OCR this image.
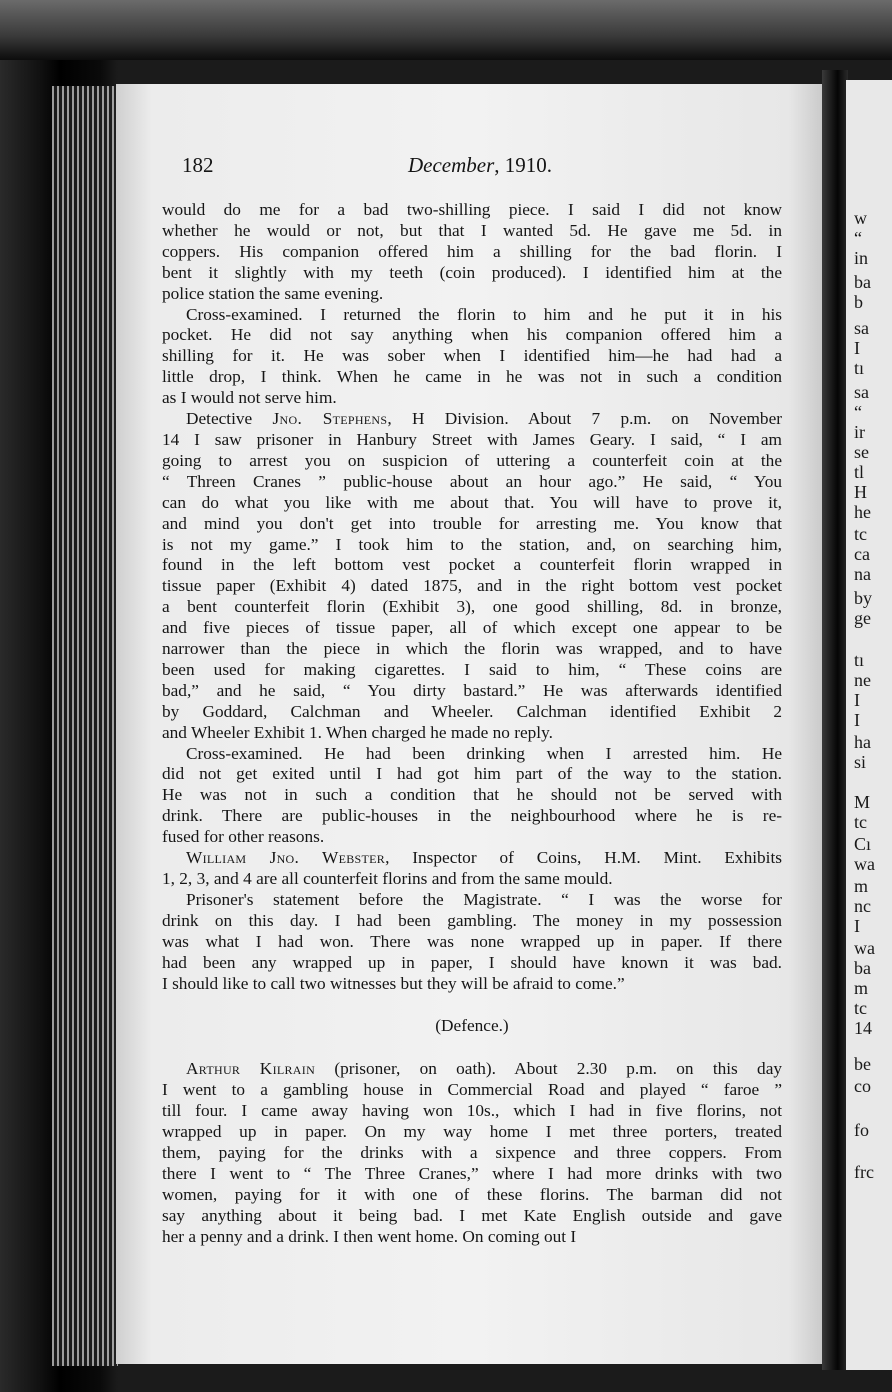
w
“
in
ba
b
sa
I
tı
sa
“
ir
se
tl
H
he
tc
ca
na
by
ge
tı
ne
I
I
ha
si
M
tc
Cı
wa
m
nc
I
wa
ba
m
tc
14
be
co
fo
frc
182	December, 1910.
would do me for a bad two-shilling piece. I said I did not know
whether he would or not, but that I wanted 5d. He gave me 5d. in
coppers. His companion offered him a shilling for the bad florin. I
bent it slightly with my teeth (coin produced). I identified him at the
police station the same evening.
Cross-examined. I returned the florin to him and he put it in his
pocket. He did not say anything when his companion offered him a
shilling for it. He was sober when I identified him—he had had a
little drop, I think. When he came in he was not in such a condition
as I would not serve him.
Detective Jno. Stephens, H Division. About 7 p.m. on November
14 I saw prisoner in Hanbury Street with James Geary. I said, “ I am
going to arrest you on suspicion of uttering a counterfeit coin at the
“ Threen Cranes ” public-house about an hour ago.” He said, “ You
can do what you like with me about that. You will have to prove it,
and mind you don't get into trouble for arresting me. You know that
is not my game.” I took him to the station, and, on searching him,
found in the left bottom vest pocket a counterfeit florin wrapped in
tissue paper (Exhibit 4) dated 1875, and in the right bottom vest pocket
a bent counterfeit florin (Exhibit 3), one good shilling, 8d. in bronze,
and five pieces of tissue paper, all of which except one appear to be
narrower than the piece in which the florin was wrapped, and to have
been used for making cigarettes. I said to him, “ These coins are
bad,” and he said, “ You dirty bastard.” He was afterwards identified
by Goddard, Calchman and Wheeler. Calchman identified Exhibit 2
and Wheeler Exhibit 1. When charged he made no reply.
Cross-examined. He had been drinking when I arrested him. He
did not get exited until I had got him part of the way to the station.
He was not in such a condition that he should not be served with
drink. There are public-houses in the neighbourhood where he is re-
fused for other reasons.
William Jno. Webster, Inspector of Coins, H.M. Mint. Exhibits
1, 2, 3, and 4 are all counterfeit florins and from the same mould.
Prisoner's statement before the Magistrate. “ I was the worse for
drink on this day. I had been gambling. The money in my possession
was what I had won. There was none wrapped up in paper. If there
had been any wrapped up in paper, I should have known it was bad.
I should like to call two witnesses but they will be afraid to come.”

(Defence.)

Arthur Kilrain (prisoner, on oath). About 2.30 p.m. on this day
I went to a gambling house in Commercial Road and played “ faroe ”
till four. I came away having won 10s., which I had in five florins, not
wrapped up in paper. On my way home I met three porters, treated
them, paying for the drinks with a sixpence and three coppers. From
there I went to “ The Three Cranes,” where I had more drinks with two
women, paying for it with one of these florins. The barman did not
say anything about it being bad. I met Kate English outside and gave
her a penny and a drink. I then went home. On coming out I
